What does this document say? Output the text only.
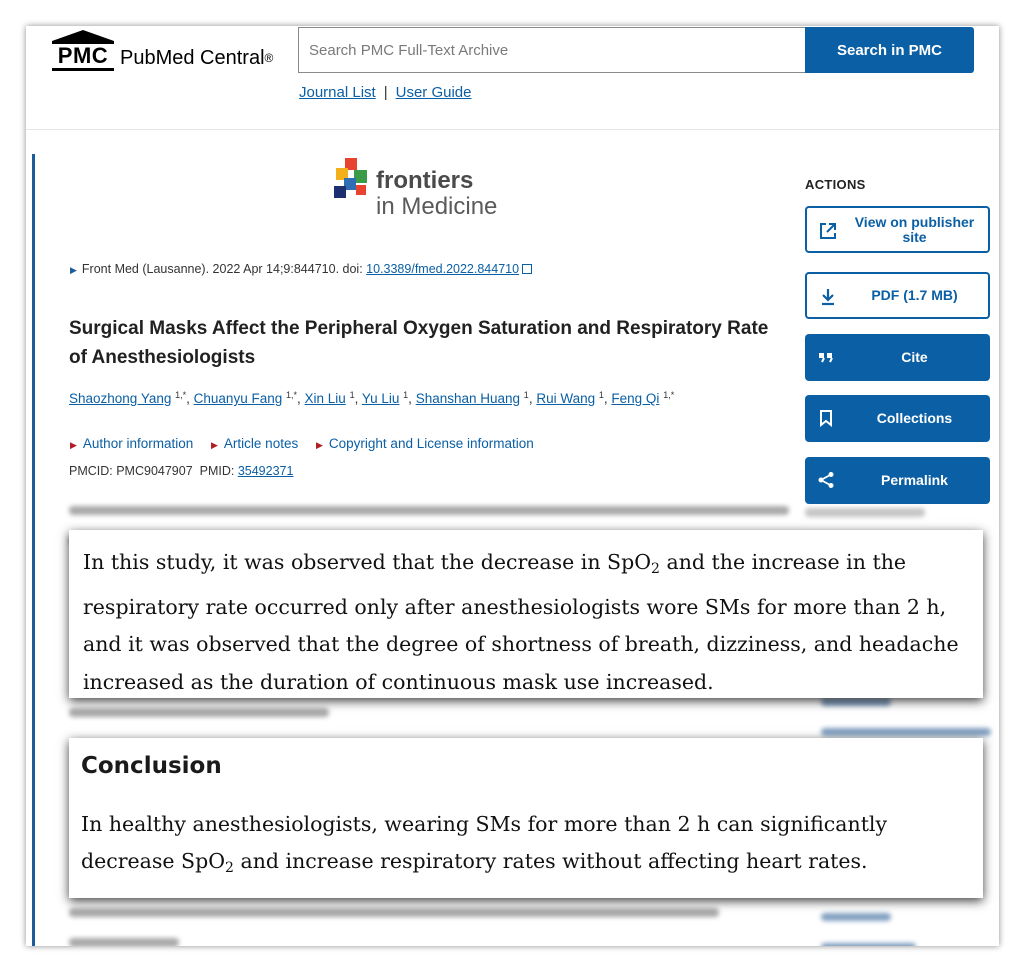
PMC PubMed Central®
Search PMC Full-Text Archive	Search in PMC
Journal List | User Guide
frontiers
in Medicine
▶ Front Med (Lausanne). 2022 Apr 14;9:844710. doi: 10.3389/fmed.2022.844710
Surgical Masks Affect the Peripheral Oxygen Saturation and Respiratory Rate of Anesthesiologists
Shaozhong Yang $^{1,*}$, Chuanyu Fang $^{1,*}$, Xin Liu $^1$, Yu Liu $^1$, Shanshan Huang $^1$, Rui Wang $^1$, Feng Qi $^{1,*}$
▶ Author information ▶ Article notes ▶ Copyright and License information
PMCID: PMC9047907 PMID: 35492371
ACTIONS
View on publisher site
PDF (1.7 MB)
Cite
Collections
Permalink
In this study, it was observed that the decrease in SpO$_2$ and the increase in the respiratory rate occurred only after anesthesiologists wore SMs for more than 2 h, and it was observed that the degree of shortness of breath, dizziness, and headache increased as the duration of continuous mask use increased.
Conclusion

In healthy anesthesiologists, wearing SMs for more than 2 h can significantly decrease SpO$_2$ and increase respiratory rates without affecting heart rates.
